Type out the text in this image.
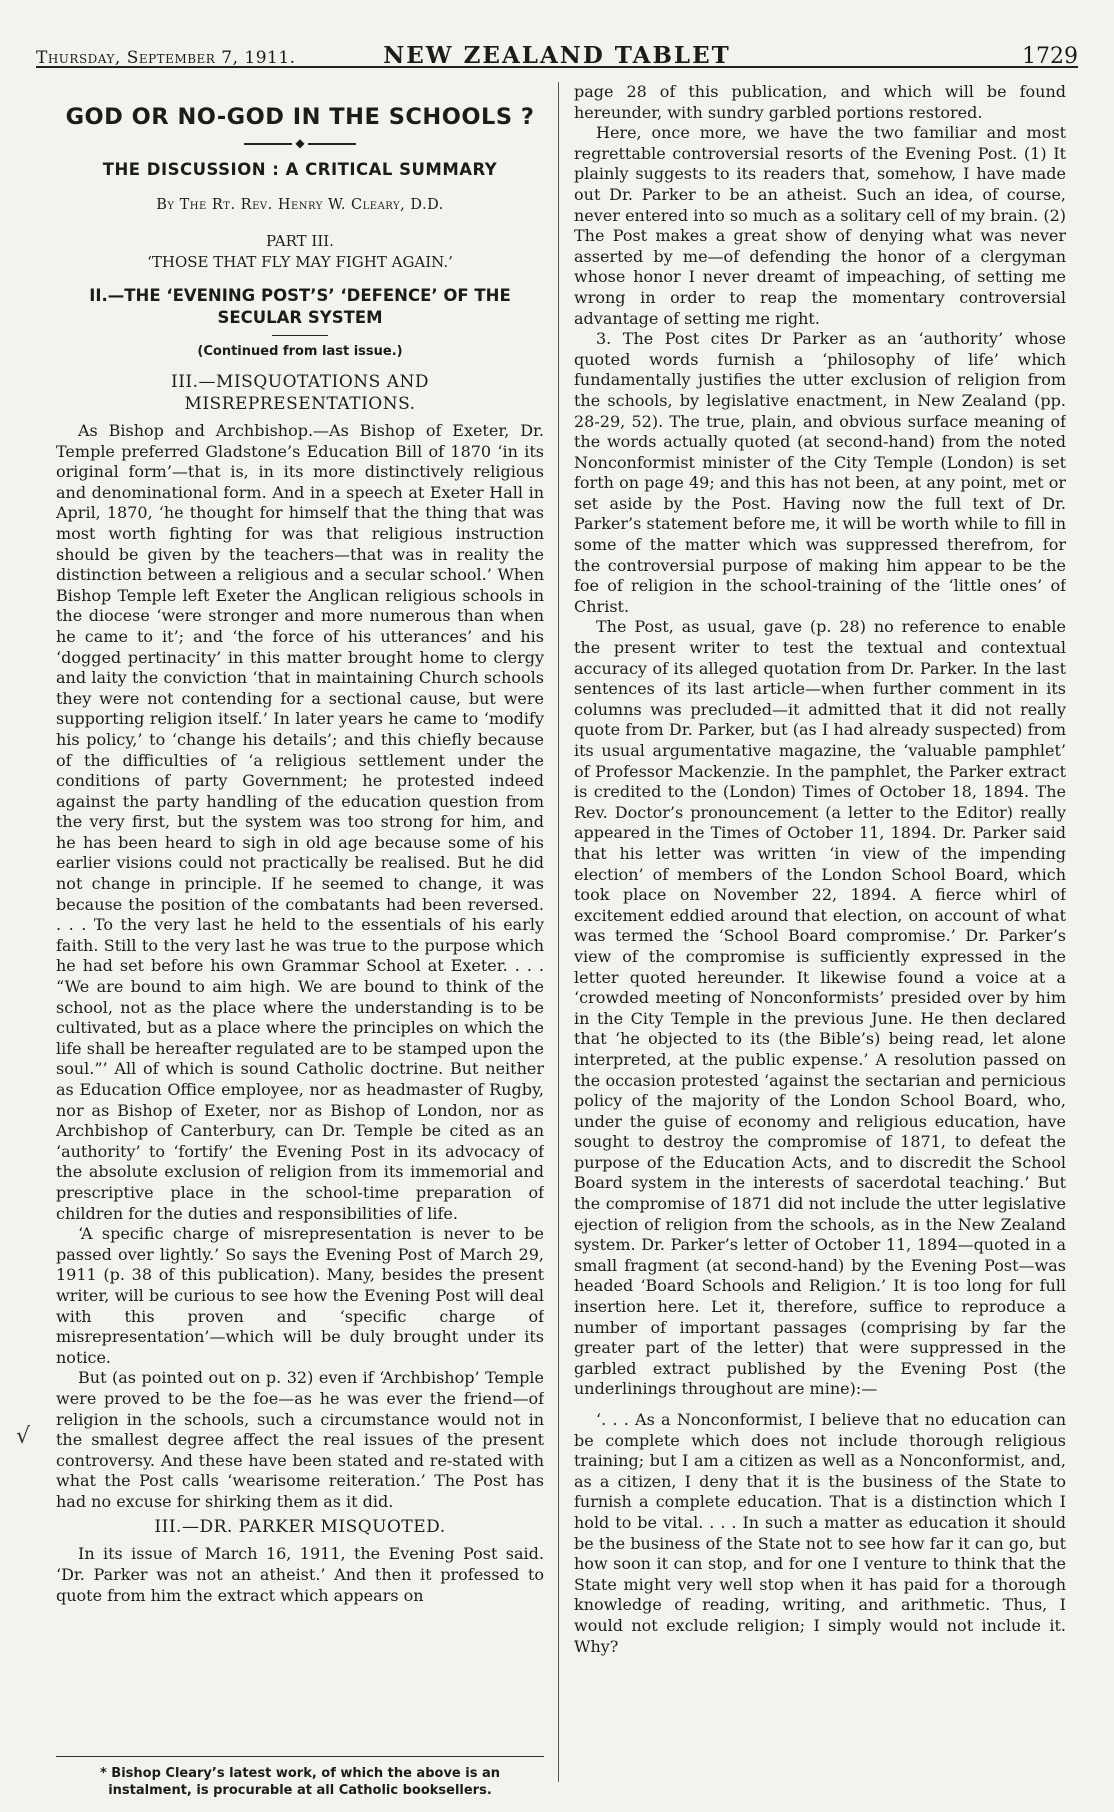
Thursday, September 7, 1911.	NEW ZEALAND TABLET	1729
GOD OR NO-GOD IN THE SCHOOLS ?
◆
THE DISCUSSION : A CRITICAL SUMMARY
By The Rt. Rev. Henry W. Cleary, D.D.
PART III.
‘THOSE THAT FLY MAY FIGHT AGAIN.’
II.—THE ‘EVENING POST’S’ ‘DEFENCE’ OF THE SECULAR SYSTEM
(Continued from last issue.)
III.—MISQUOTATIONS AND MISREPRESENTATIONS.

As Bishop and Archbishop.—As Bishop of Exeter, Dr. Temple preferred Gladstone’s Education Bill of 1870 ‘in its original form’—that is, in its more distinctively religious and denominational form. And in a speech at Exeter Hall in April, 1870, ‘he thought for himself that the thing that was most worth fighting for was that religious instruction should be given by the teachers—that was in reality the distinction between a religious and a secular school.’ When Bishop Temple left Exeter the Anglican religious schools in the diocese ‘were stronger and more numerous than when he came to it’; and ‘the force of his utterances’ and his ‘dogged pertinacity’ in this matter brought home to clergy and laity the conviction ‘that in maintaining Church schools they were not contending for a sectional cause, but were supporting religion itself.’ In later years he came to ‘modify his policy,’ to ‘change his details’; and this chiefly because of the difficulties of ‘a religious settlement under the conditions of party Government; he protested indeed against the party handling of the education question from the very first, but the system was too strong for him, and he has been heard to sigh in old age because some of his earlier visions could not practically be realised. But he did not change in principle. If he seemed to change, it was because the position of the combatants had been reversed. . . . To the very last he held to the essentials of his early faith. Still to the very last he was true to the purpose which he had set before his own Grammar School at Exeter. . . . “We are bound to aim high. We are bound to think of the school, not as the place where the understanding is to be cultivated, but as a place where the principles on which the life shall be hereafter regulated are to be stamped upon the soul.”’ All of which is sound Catholic doctrine. But neither as Education Office employee, nor as headmaster of Rugby, nor as Bishop of Exeter, nor as Bishop of London, nor as Archbishop of Canterbury, can Dr. Temple be cited as an ‘authority’ to ‘fortify’ the Evening Post in its advocacy of the absolute exclusion of religion from its immemorial and prescriptive place in the school-time preparation of children for the duties and responsibilities of life.

‘A specific charge of misrepresentation is never to be passed over lightly.’ So says the Evening Post of March 29, 1911 (p. 38 of this publication). Many, besides the present writer, will be curious to see how the Evening Post will deal with this proven and ‘specific charge of misrepresentation’—which will be duly brought under its notice.

But (as pointed out on p. 32) even if ‘Archbishop’ Temple were proved to be the foe—as he was ever the friend—of religion in the schools, such a circumstance would not in the smallest degree affect the real issues of the present controversy. And these have been stated and re-stated with what the Post calls ‘wearisome reiteration.’ The Post has had no excuse for shirking them as it did.

III.—DR. PARKER MISQUOTED.

In its issue of March 16, 1911, the Evening Post said. ‘Dr. Parker was not an atheist.’ And then it professed to quote from him the extract which appears on

√

page 28 of this publication, and which will be found hereunder, with sundry garbled portions restored.

Here, once more, we have the two familiar and most regrettable controversial resorts of the Evening Post. (1) It plainly suggests to its readers that, somehow, I have made out Dr. Parker to be an atheist. Such an idea, of course, never entered into so much as a solitary cell of my brain. (2) The Post makes a great show of denying what was never asserted by me—of defending the honor of a clergyman whose honor I never dreamt of impeaching, of setting me wrong in order to reap the momentary controversial advantage of setting me right.

3. The Post cites Dr Parker as an ‘authority’ whose quoted words furnish a ‘philosophy of life’ which fundamentally justifies the utter exclusion of religion from the schools, by legislative enactment, in New Zealand (pp. 28-29, 52). The true, plain, and obvious surface meaning of the words actually quoted (at second-hand) from the noted Nonconformist minister of the City Temple (London) is set forth on page 49; and this has not been, at any point, met or set aside by the Post. Having now the full text of Dr. Parker’s statement before me, it will be worth while to fill in some of the matter which was suppressed therefrom, for the controversial purpose of making him appear to be the foe of religion in the school-training of the ‘little ones’ of Christ.

The Post, as usual, gave (p. 28) no reference to enable the present writer to test the textual and contextual accuracy of its alleged quotation from Dr. Parker. In the last sentences of its last article—when further comment in its columns was precluded—it admitted that it did not really quote from Dr. Parker, but (as I had already suspected) from its usual argumentative magazine, the ‘valuable pamphlet’ of Professor Mackenzie. In the pamphlet, the Parker extract is credited to the (London) Times of October 18, 1894. The Rev. Doctor’s pronouncement (a letter to the Editor) really appeared in the Times of October 11, 1894. Dr. Parker said that his letter was written ‘in view of the impending election’ of members of the London School Board, which took place on November 22, 1894. A fierce whirl of excitement eddied around that election, on account of what was termed the ‘School Board compromise.’ Dr. Parker’s view of the compromise is sufficiently expressed in the letter quoted hereunder. It likewise found a voice at a ‘crowded meeting of Nonconformists’ presided over by him in the City Temple in the previous June. He then declared that ‘he objected to its (the Bible’s) being read, let alone interpreted, at the public expense.’ A resolution passed on the occasion protested ‘against the sectarian and pernicious policy of the majority of the London School Board, who, under the guise of economy and religious education, have sought to destroy the compromise of 1871, to defeat the purpose of the Education Acts, and to discredit the School Board system in the interests of sacerdotal teaching.’ But the compromise of 1871 did not include the utter legislative ejection of religion from the schools, as in the New Zealand system. Dr. Parker’s letter of October 11, 1894—quoted in a small fragment (at second-hand) by the Evening Post—was headed ‘Board Schools and Religion.’ It is too long for full insertion here. Let it, therefore, suffice to reproduce a number of important passages (comprising by far the greater part of the letter) that were suppressed in the garbled extract published by the Evening Post (the underlinings throughout are mine):—

‘. . . As a Nonconformist, I believe that no education can be complete which does not include thorough religious training; but I am a citizen as well as a Nonconformist, and, as a citizen, I deny that it is the business of the State to furnish a complete education. That is a distinction which I hold to be vital. . . . In such a matter as education it should be the business of the State not to see how far it can go, but how soon it can stop, and for one I venture to think that the State might very well stop when it has paid for a thorough knowledge of reading, writing, and arithmetic. Thus, I would not exclude religion; I simply would not include it. Why?

* Bishop Cleary’s latest work, of which the above is an instalment, is procurable at all Catholic booksellers.
